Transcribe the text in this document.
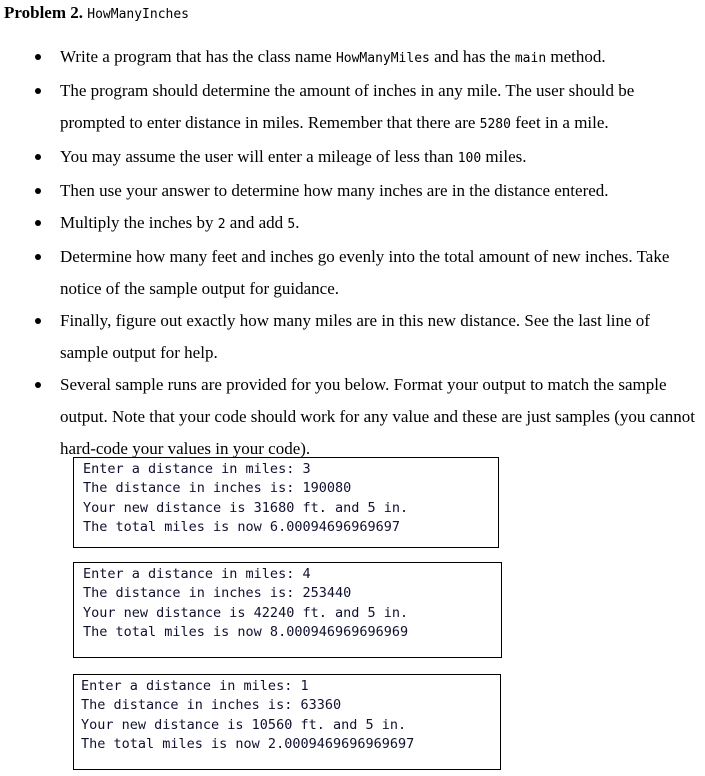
Problem 2. HowManyInches
Write a program that has the class name HowManyMiles and has the main method.
The program should determine the amount of inches in any mile. The user should be prompted to enter distance in miles. Remember that there are 5280 feet in a mile.
You may assume the user will enter a mileage of less than 100 miles.
Then use your answer to determine how many inches are in the distance entered.
Multiply the inches by 2 and add 5.
Determine how many feet and inches go evenly into the total amount of new inches. Take notice of the sample output for guidance.
Finally, figure out exactly how many miles are in this new distance. See the last line of sample output for help.
Several sample runs are provided for you below. Format your output to match the sample output. Note that your code should work for any value and these are just samples (you cannot hard-code your values in your code).
Enter a distance in miles: 3
The distance in inches is: 190080
Your new distance is 31680 ft. and 5 in.
The total miles is now 6.00094696969697
Enter a distance in miles: 4
The distance in inches is: 253440
Your new distance is 42240 ft. and 5 in.
The total miles is now 8.000946969696969
Enter a distance in miles: 1
The distance in inches is: 63360
Your new distance is 10560 ft. and 5 in.
The total miles is now 2.0009469696969697
